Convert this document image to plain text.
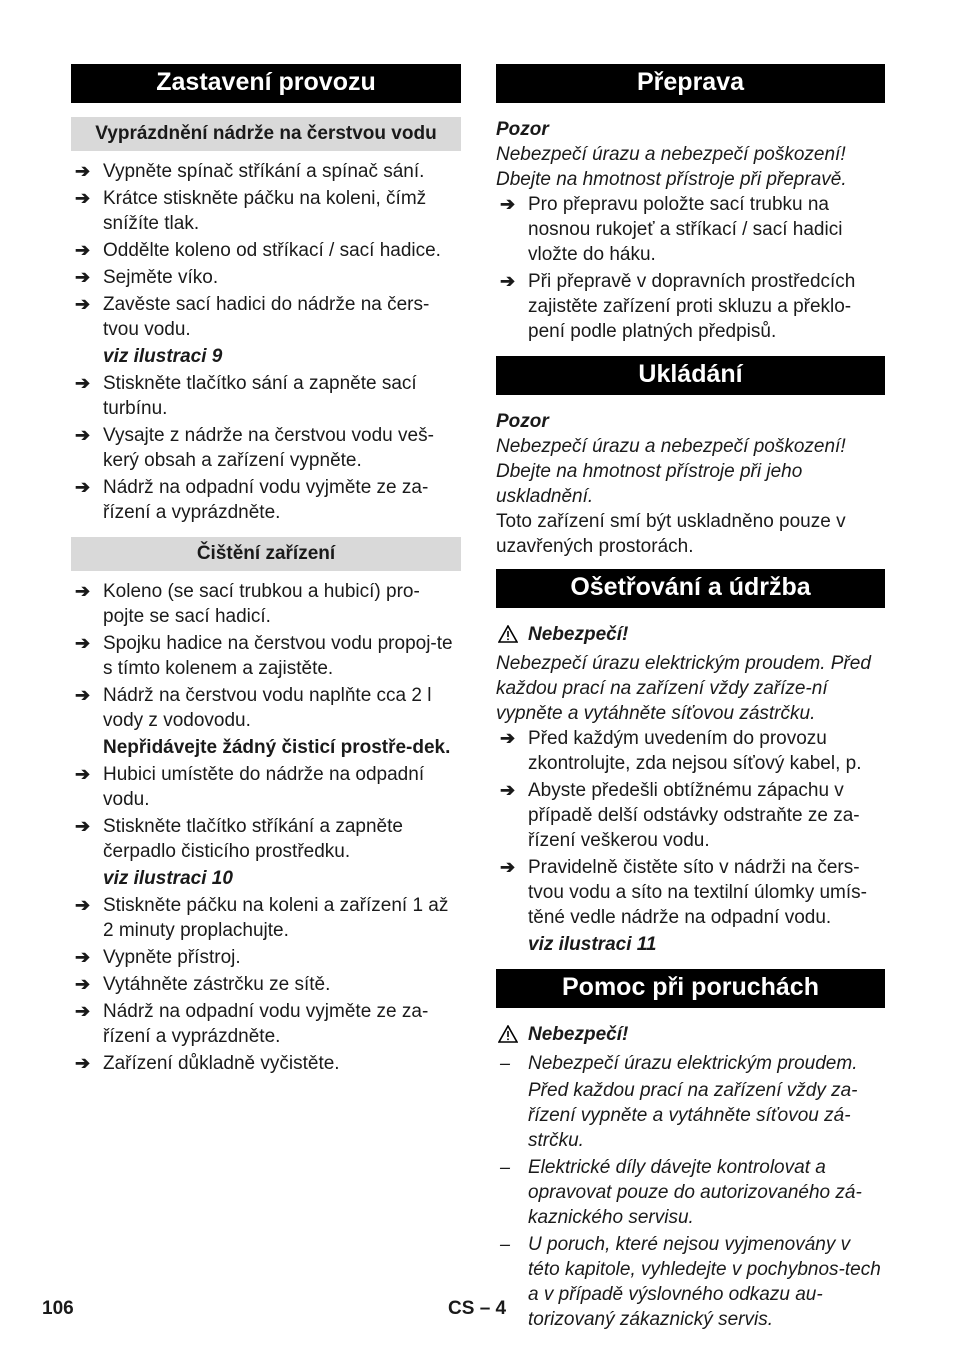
Zastavení provozu
Vyprázdnění nádrže na čerstvou vodu
➔ Vypněte spínač stříkání a spínač sání.
➔ Krátce stiskněte páčku na koleni, čímž snížíte tlak.
➔ Oddělte koleno od stříkací / sací hadice.
➔ Sejměte víko.
➔ Zavěste sací hadici do nádrže na čers-tvou vodu.
viz ilustraci 9
➔ Stiskněte tlačítko sání a zapněte sací turbínu.
➔ Vysajte z nádrže na čerstvou vodu veš-kerý obsah a zařízení vypněte.
➔ Nádrž na odpadní vodu vyjměte ze za-řízení a vyprázdněte.
Čištění zařízení
➔ Koleno (se sací trubkou a hubicí) pro-pojte se sací hadicí.
➔ Spojku hadice na čerstvou vodu propoj-te s tímto kolenem a zajistěte.
➔ Nádrž na čerstvou vodu naplňte cca 2 l vody z vodovodu.
Nepřidávejte žádný čisticí prostře-dek.
➔ Hubici umístěte do nádrže na odpadní vodu.
➔ Stiskněte tlačítko stříkání a zapněte čerpadlo čisticího prostředku.
viz ilustraci 10
➔ Stiskněte páčku na koleni a zařízení 1 až 2 minuty proplachujte.
➔ Vypněte přístroj.
➔ Vytáhněte zástrčku ze sítě.
➔ Nádrž na odpadní vodu vyjměte ze za-řízení a vyprázdněte.
➔ Zařízení důkladně vyčistěte.
Přeprava
Pozor
Nebezpečí úrazu a nebezpečí poškození! Dbejte na hmotnost přístroje při přepravě.
➔ Pro přepravu položte sací trubku na nosnou rukojeť a stříkací / sací hadici vložte do háku.
➔ Při přepravě v dopravních prostředcích zajistěte zařízení proti skluzu a překlo-pení podle platných předpisů.
Ukládání
Pozor
Nebezpečí úrazu a nebezpečí poškození! Dbejte na hmotnost přístroje při jeho uskladnění.
Toto zařízení smí být uskladněno pouze v uzavřených prostorách.
Ošetřování a údržba
Nebezpečí!
Nebezpečí úrazu elektrickým proudem. Před každou prací na zařízení vždy zaříze-ní vypněte a vytáhněte síťovou zástrčku.
➔ Před každým uvedením do provozu zkontrolujte, zda nejsou síťový kabel, p.
➔ Abyste předešli obtížnému zápachu v případě delší odstávky odstraňte ze za-řízení veškerou vodu.
➔ Pravidelně čistěte síto v nádrži na čers-tvou vodu a síto na textilní úlomky umís-těné vedle nádrže na odpadní vodu.
viz ilustraci 11
Pomoc při poruchách
Nebezpečí!
– Nebezpečí úrazu elektrickým proudem.
Před každou prací na zařízení vždy za-řízení vypněte a vytáhněte síťovou zá-strčku.
– Elektrické díly dávejte kontrolovat a opravovat pouze do autorizovaného zá-kaznického servisu.
– U poruch, které nejsou vyjmenovány v této kapitole, vyhledejte v pochybnos-tech a v případě výslovného odkazu au-torizovaný zákaznický servis.
106	CS – 4
